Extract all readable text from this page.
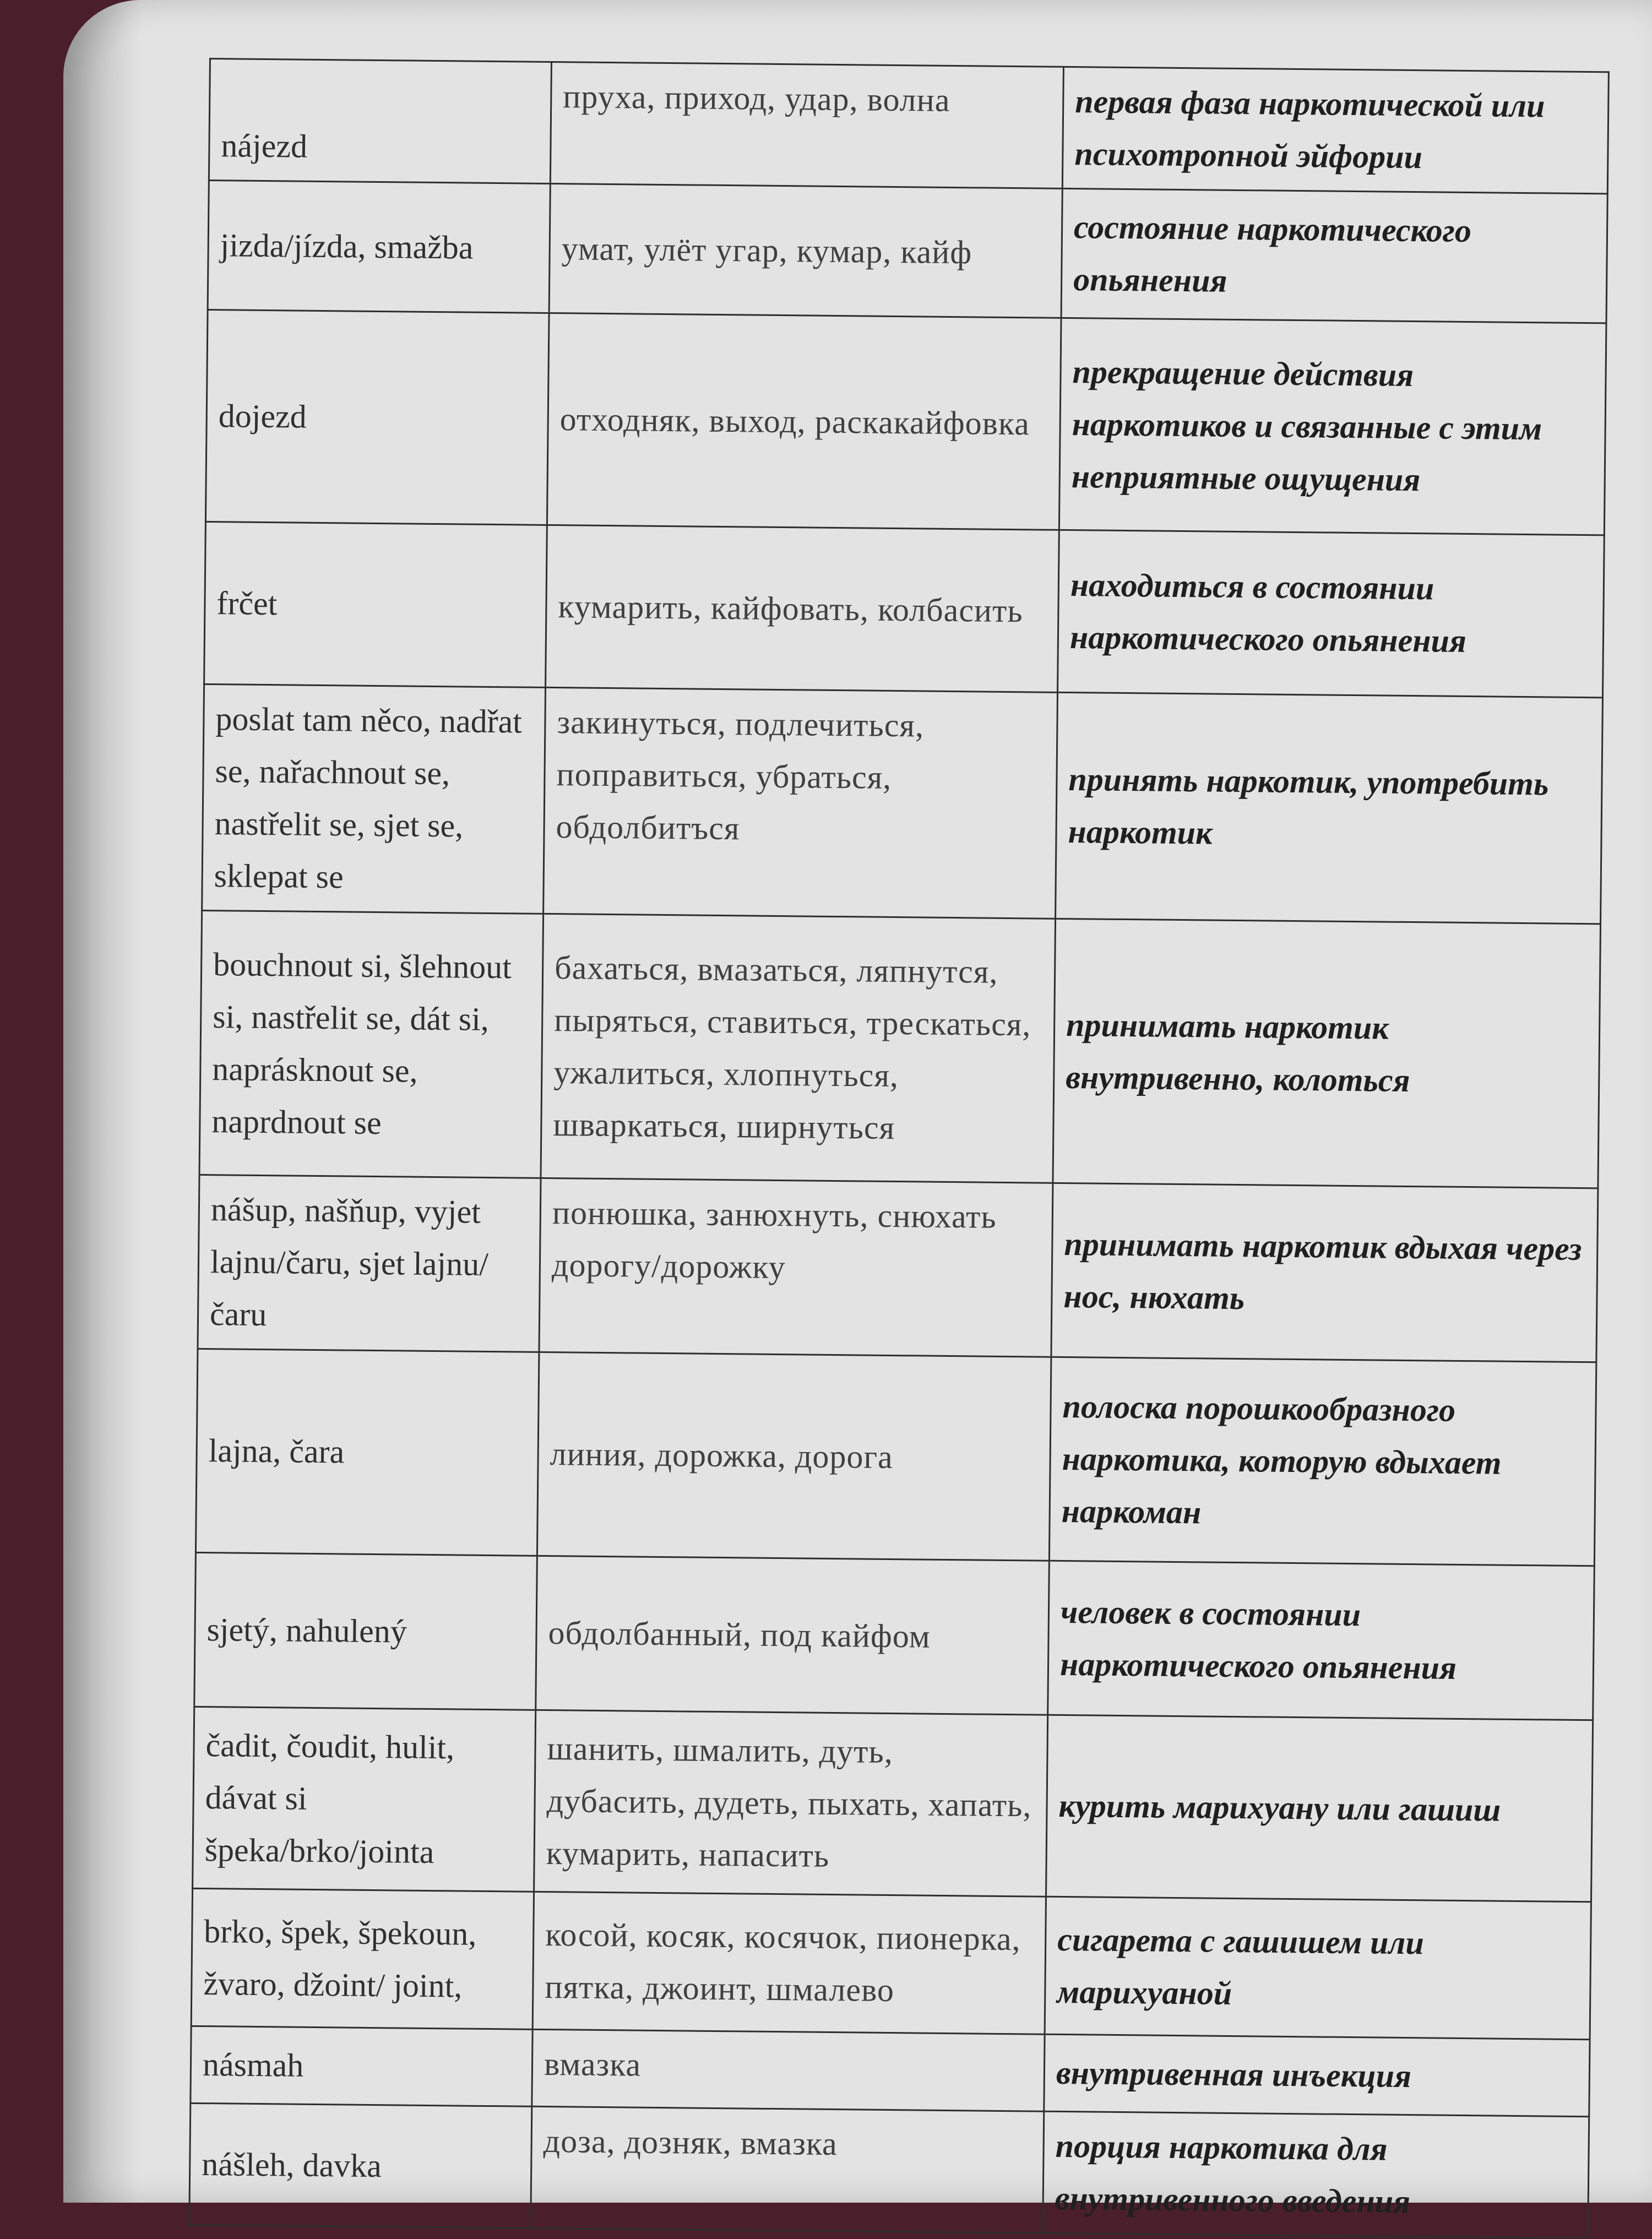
nájezd	пруха, приход, удар, волна	первая фаза наркотической или психотропной эйфории
jizda/jízda, smažba	умат, улёт угар, кумар, кайф	состояние наркотического опьянения
dojezd	отходняк, выход, раскакайфовка	прекращение действия наркотиков и связанные с этим неприятные ощущения
frčet	кумарить, кайфовать, колбасить	находиться в состоянии наркотического опьянения
poslat tam něco, nadřat se, nařachnout se, nastřelit se, sjet se, sklepat se	закинуться, подлечиться, поправиться, убраться, обдолбитъся	принять наркотик, употребить наркотик
bouchnout si, šlehnout si, nastřelit se, dát si, naprásknout se, naprdnout se	бахаться, вмазаться, ляпнутся, пыряться, ставиться, трескаться, ужалиться, хлопнуться, шваркаться, ширнуться	принимать наркотик внутривенно, колоться
nášup, našňup, vyjet lajnu/čaru, sjet lajnu/čaru	понюшка, занюхнуть, снюхать дорогу/дорожку	принимать наркотик вдыхая через нос, нюхать
lajna, čara	линия, дорожка, дорога	полоска порошкообразного наркотика, которую вдыхает наркоман
sjetý, nahulený	обдолбанный, под кайфом	человек в состоянии наркотического опьянения
čadit, čoudit, hulit, dávat si špeka/brko/jointa	шанить, шмалить, дуть, дубасить, дудеть, пыхать, хапать, кумарить, напасить	курить марихуану или гашиш
brko, špek, špekoun, žvaro, džoint/ joint,	косой, косяк, косячок, пионерка, пятка, джоинт, шмалево	сигарета с гашишем или марихуаной
násmah	вмазка	внутривенная инъекция
nášleh, davka	доза, дозняк, вмазка	порция наркотика для внутривенного введения
